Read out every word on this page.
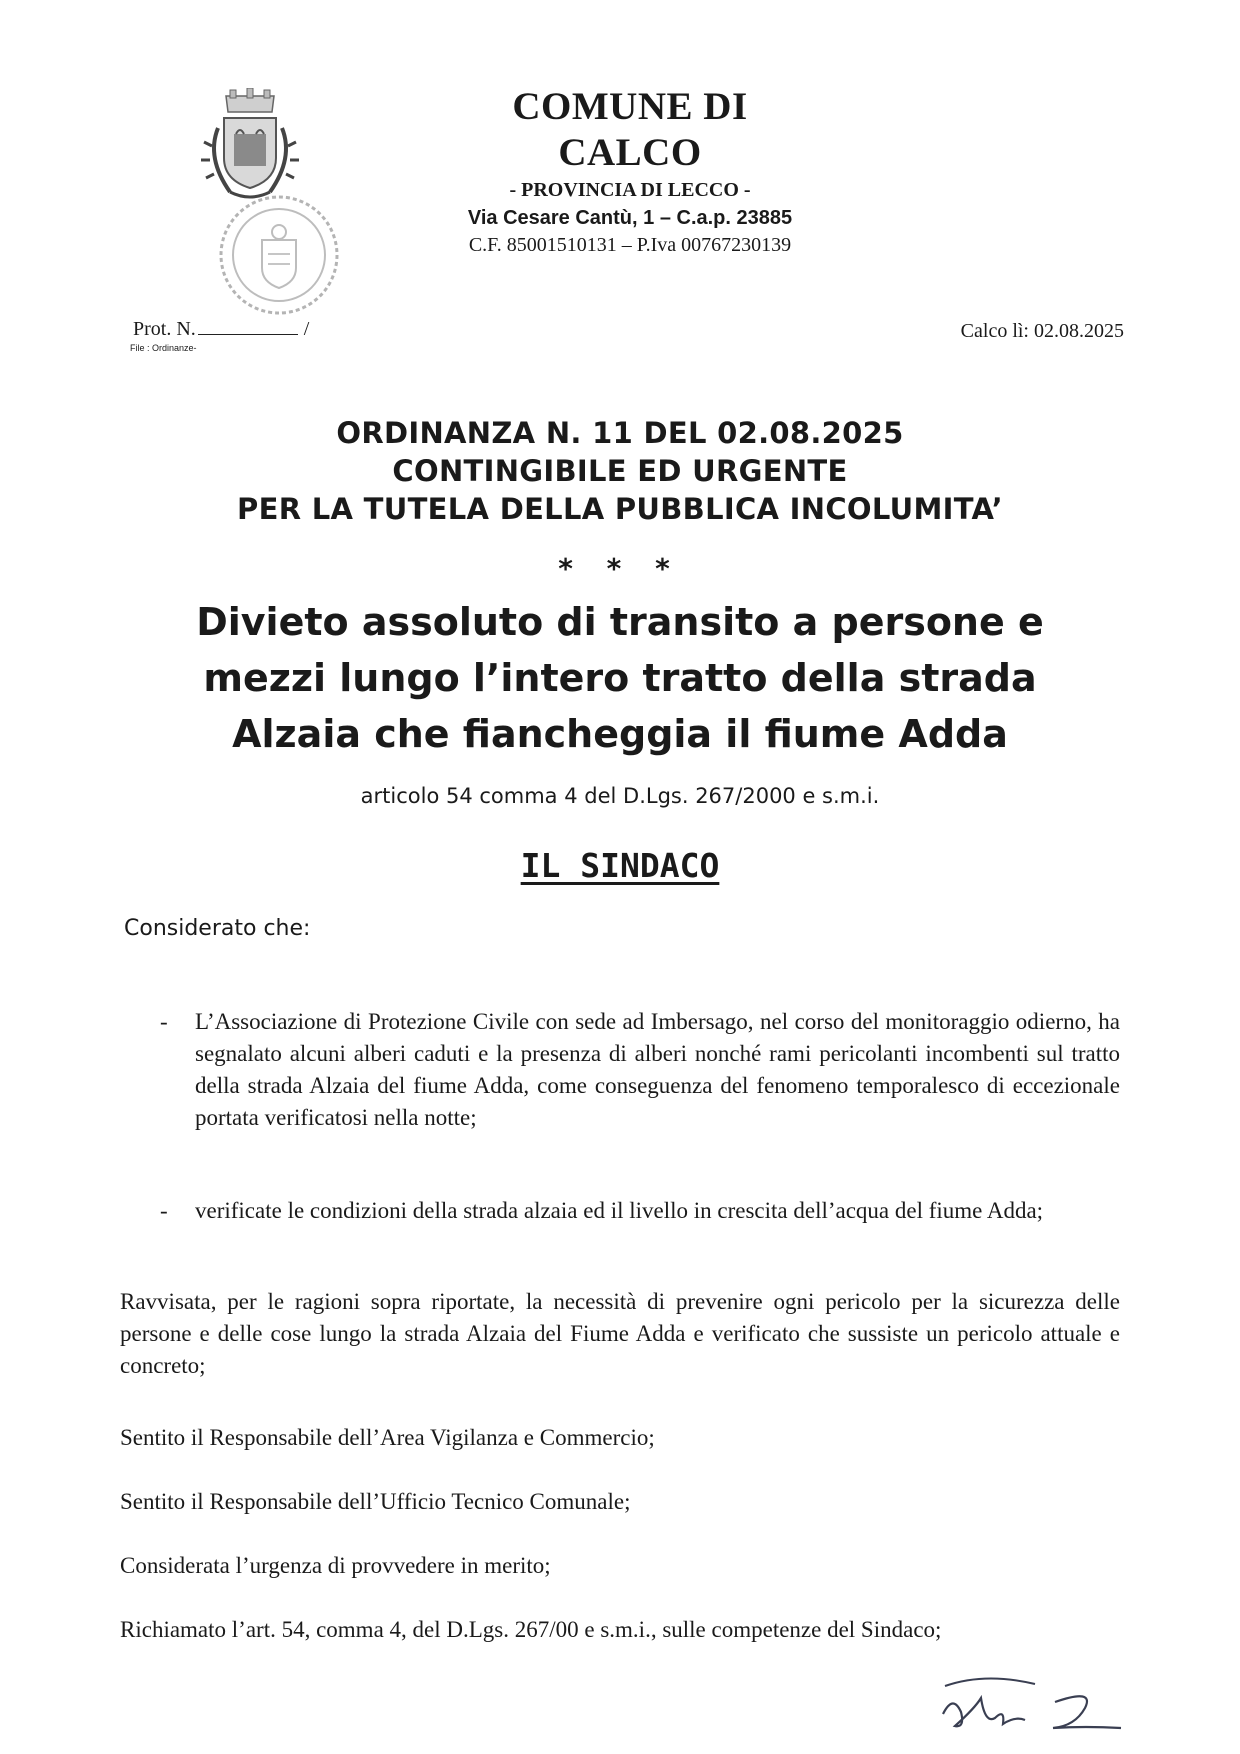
COMUNE DI CALCO
- PROVINCIA DI LECCO -
Via Cesare Cantù, 1 – C.a.p. 23885
C.F. 85001510131 – P.Iva 00767230139
Prot. N.	/
File : Ordinanze-
Calco lì: 02.08.2025
ORDINANZA N. 11 DEL 02.08.2025
CONTINGIBILE ED URGENTE
PER LA TUTELA DELLA PUBBLICA INCOLUMITA’
* * *
Divieto assoluto di transito a persone e
mezzi lungo l’intero tratto della strada
Alzaia che fiancheggia il fiume Adda
articolo 54 comma 4 del D.Lgs. 267/2000 e s.m.i.
IL SINDACO
Considerato che:
- L’Associazione di Protezione Civile con sede ad Imbersago, nel corso del monitoraggio odierno, ha segnalato alcuni alberi caduti e la presenza di alberi nonché rami pericolanti incombenti sul tratto della strada Alzaia del fiume Adda, come conseguenza del fenomeno temporalesco di eccezionale portata verificatosi nella notte;
- verificate le condizioni della strada alzaia ed il livello in crescita dell’acqua del fiume Adda;
Ravvisata, per le ragioni sopra riportate, la necessità di prevenire ogni pericolo per la sicurezza delle persone e delle cose lungo la strada Alzaia del Fiume Adda e verificato che sussiste un pericolo attuale e concreto;
Sentito il Responsabile dell’Area Vigilanza e Commercio;
Sentito il Responsabile dell’Ufficio Tecnico Comunale;
Considerata l’urgenza di provvedere in merito;
Richiamato l’art. 54, comma 4, del D.Lgs. 267/00 e s.m.i., sulle competenze del Sindaco;
